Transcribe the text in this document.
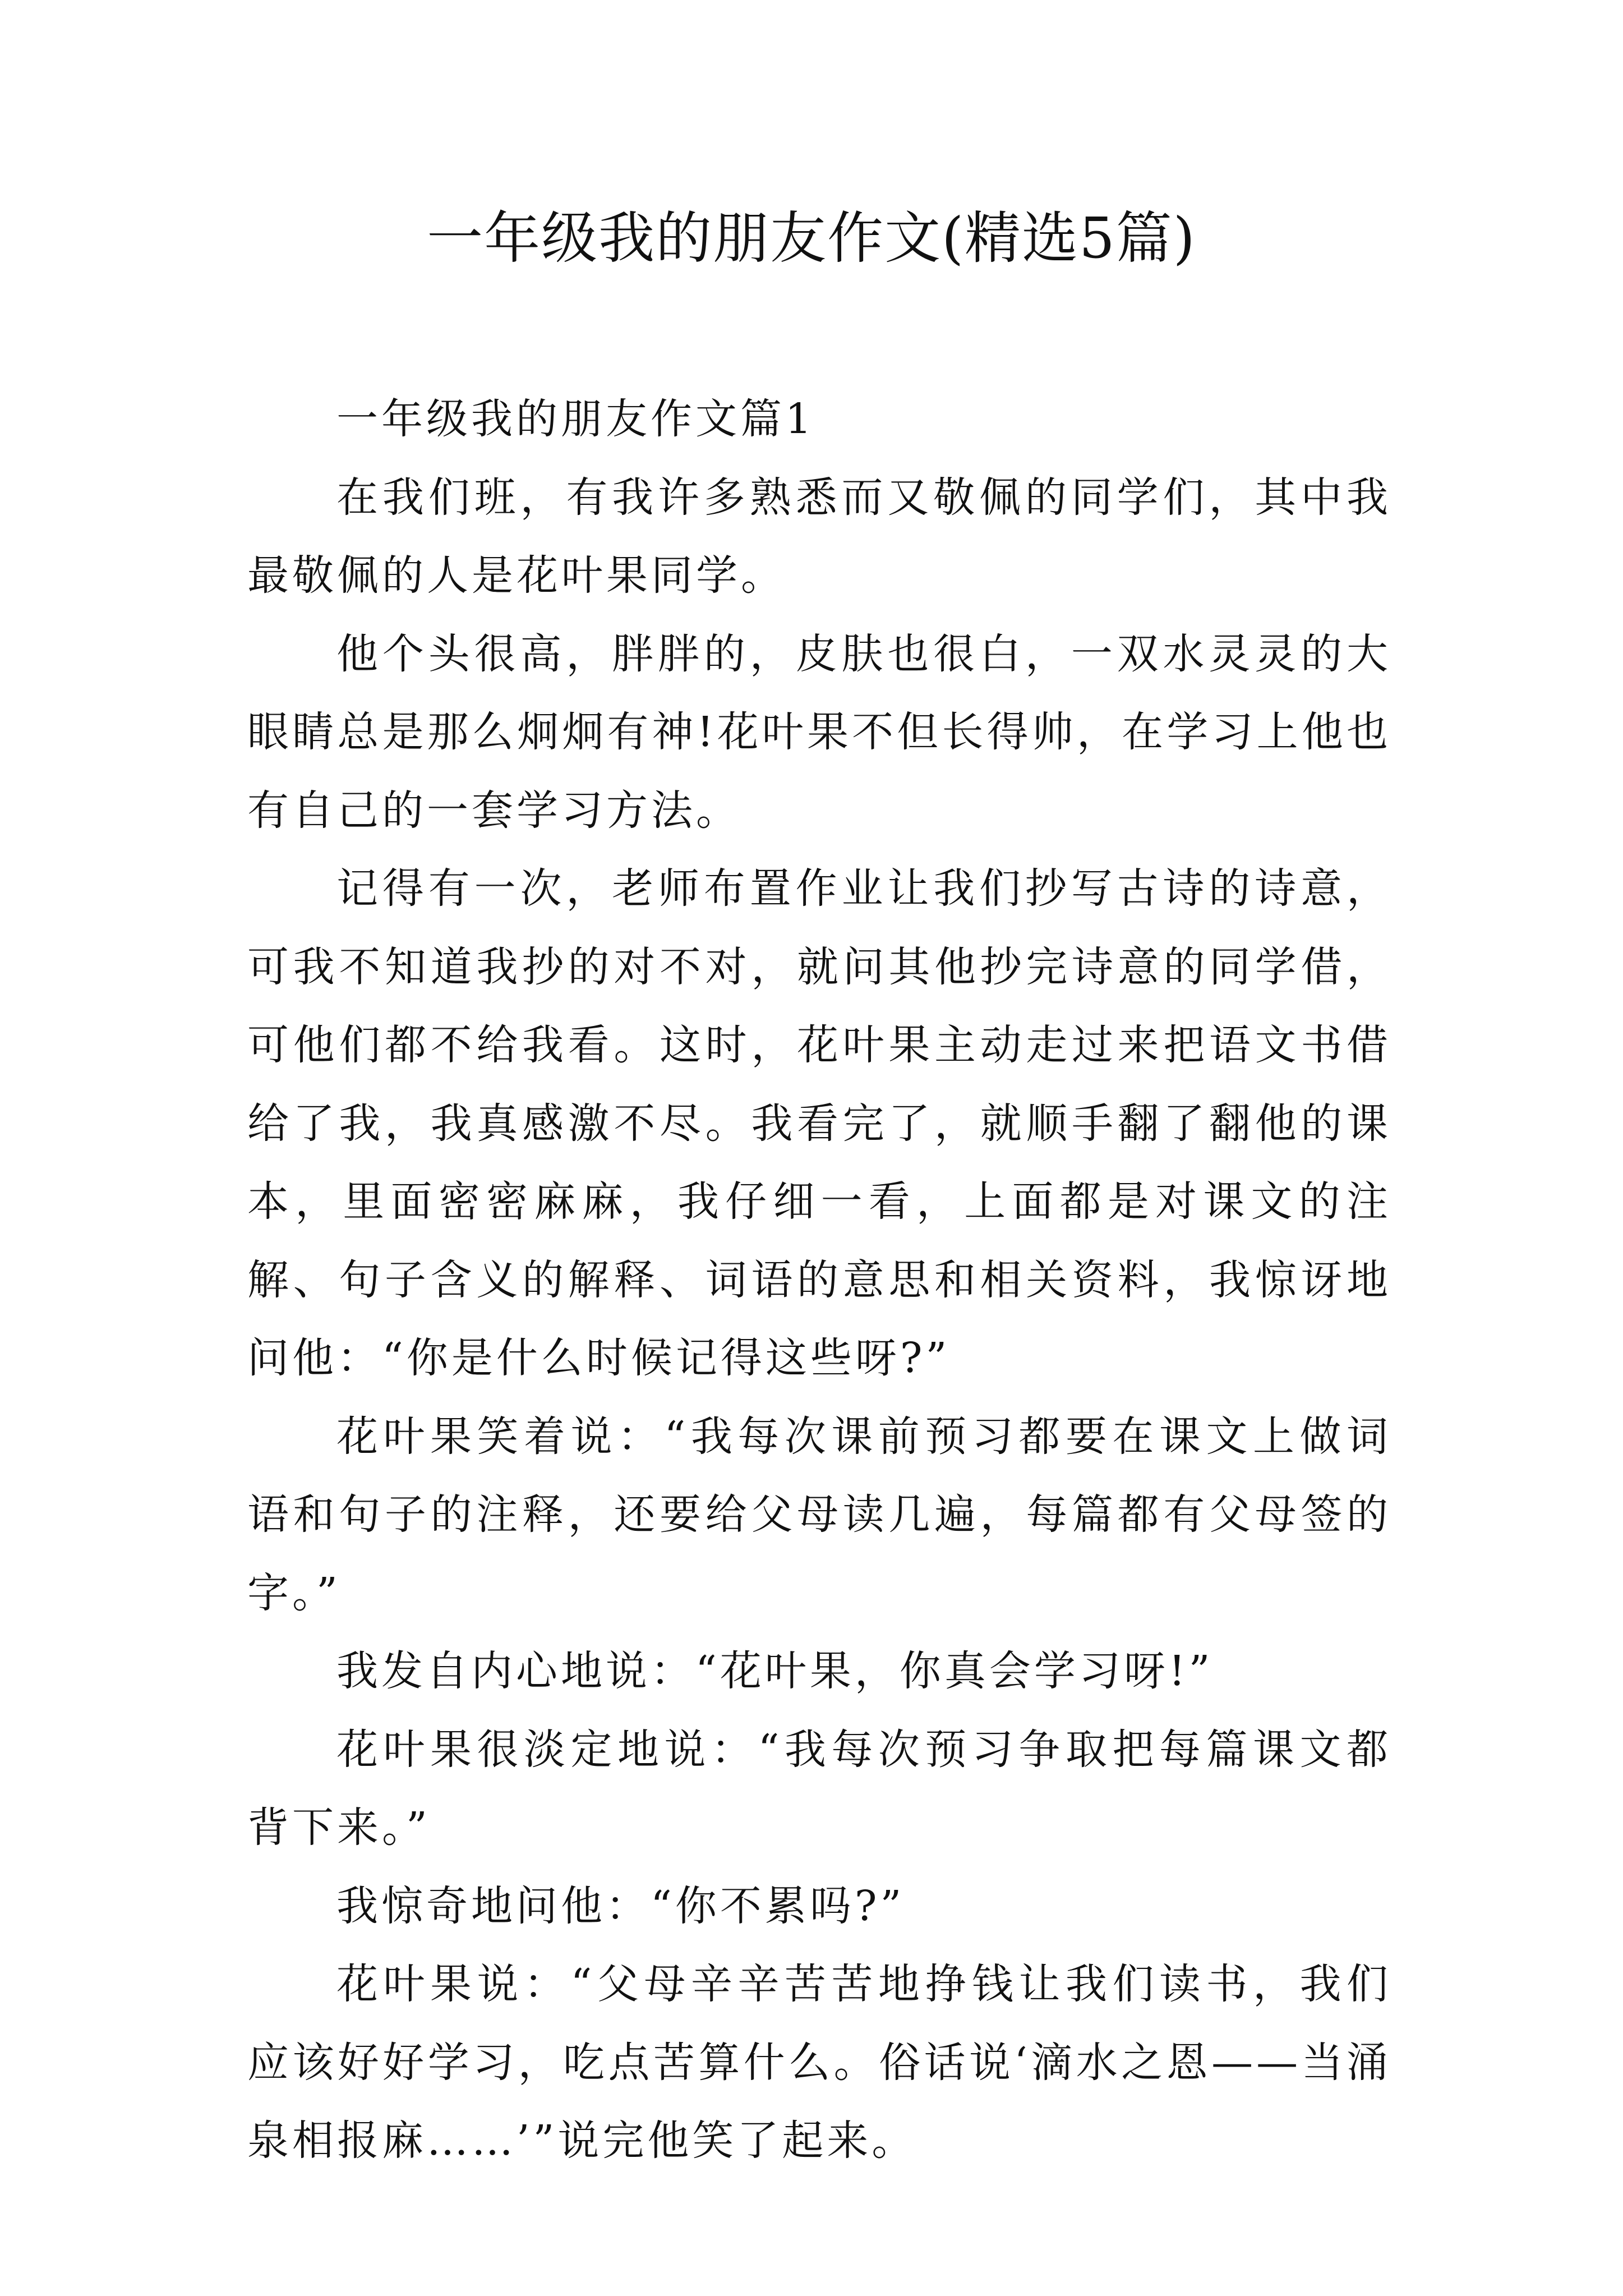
一年级我的朋友作文(精选5篇)

一年级我的朋友作文篇1

在我们班，有我许多熟悉而又敬佩的同学们，其中我最敬佩的人是花叶果同学。

他个头很高，胖胖的，皮肤也很白，一双水灵灵的大眼睛总是那么炯炯有神!花叶果不但长得帅，在学习上他也有自己的一套学习方法。

记得有一次，老师布置作业让我们抄写古诗的诗意，可我不知道我抄的对不对，就问其他抄完诗意的同学借，可他们都不给我看。这时，花叶果主动走过来把语文书借给了我，我真感激不尽。我看完了，就顺手翻了翻他的课本，里面密密麻麻，我仔细一看，上面都是对课文的注解、句子含义的解释、词语的意思和相关资料，我惊讶地问他：“你是什么时候记得这些呀?”

花叶果笑着说：“我每次课前预习都要在课文上做词语和句子的注释，还要给父母读几遍，每篇都有父母签的字。”

我发自内心地说：“花叶果，你真会学习呀!”

花叶果很淡定地说：“我每次预习争取把每篇课文都背下来。”

我惊奇地问他：“你不累吗?”

花叶果说：“父母辛辛苦苦地挣钱让我们读书，我们应该好好学习，吃点苦算什么。俗话说‘滴水之恩——当涌泉相报麻……’”说完他笑了起来。
